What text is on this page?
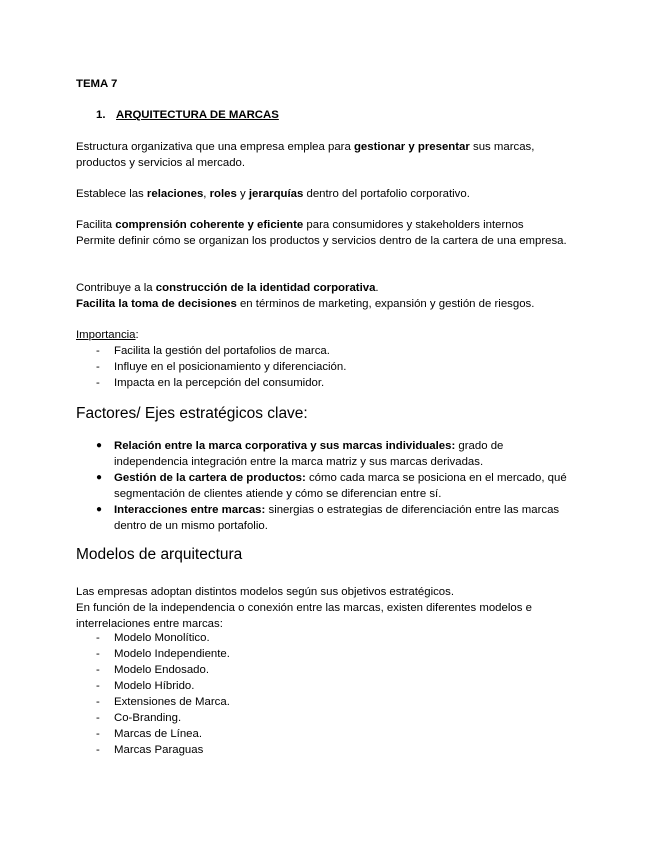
TEMA 7

1. ARQUITECTURA DE MARCAS

Estructura organizativa que una empresa emplea para gestionar y presentar sus marcas, productos y servicios al mercado.

Establece las relaciones, roles y jerarquías dentro del portafolio corporativo.

Facilita comprensión coherente y eficiente para consumidores y stakeholders internos

Permite definir cómo se organizan los productos y servicios dentro de la cartera de una empresa.

Contribuye a la construcción de la identidad corporativa.

Facilita la toma de decisiones en términos de marketing, expansión y gestión de riesgos.

Importancia:

- Facilita la gestión del portafolios de marca.
- Influye en el posicionamiento y diferenciación.
- Impacta en la percepción del consumidor.
Factores/ Ejes estratégicos clave:
● Relación entre la marca corporativa y sus marcas individuales: grado de independencia integración entre la marca matriz y sus marcas derivadas.
● Gestión de la cartera de productos: cómo cada marca se posiciona en el mercado, qué segmentación de clientes atiende y cómo se diferencian entre sí.
● Interacciones entre marcas: sinergias o estrategias de diferenciación entre las marcas dentro de un mismo portafolio.
Modelos de arquitectura

Las empresas adoptan distintos modelos según sus objetivos estratégicos.

En función de la independencia o conexión entre las marcas, existen diferentes modelos e interrelaciones entre marcas:

- Modelo Monolítico.
- Modelo Independiente.
- Modelo Endosado.
- Modelo Híbrido.
- Extensiones de Marca.
- Co-Branding.
- Marcas de Línea.
- Marcas Paraguas
